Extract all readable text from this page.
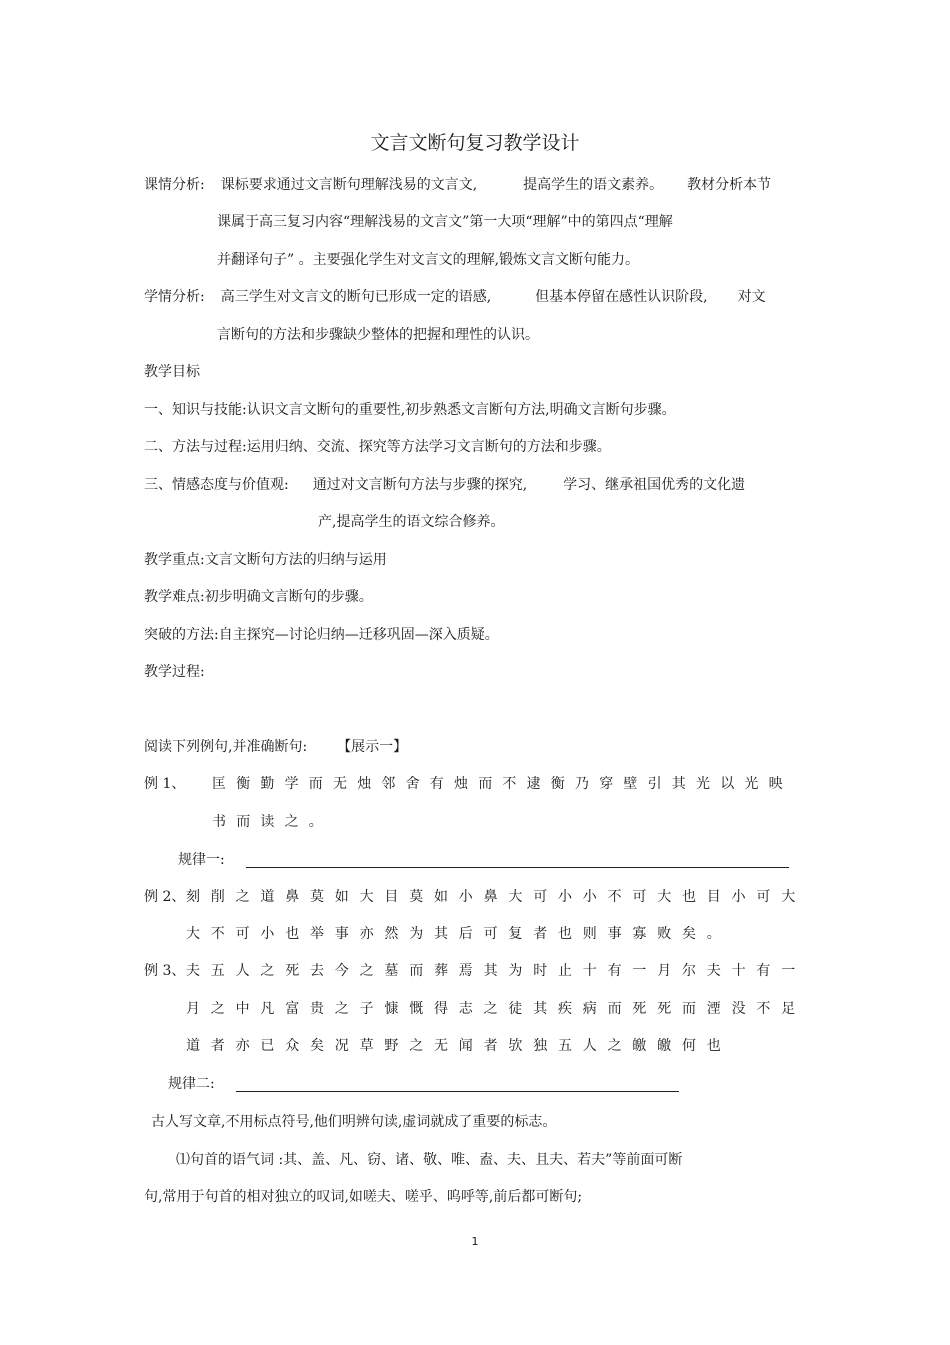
文言文断句复习教学设计
课情分析: 课标要求通过文言断句理解浅易的文言文,	提高学生的语文素养。 教材分析本节
课属于高三复习内容“理解浅易的文言文”第一大项“理解”中的第四点“理解
并翻译句子” 。主要强化学生对文言文的理解,锻炼文言文断句能力。
学情分析: 高三学生对文言文的断句已形成一定的语感,	但基本停留在感性认识阶段, 对文
言断句的方法和步骤缺少整体的把握和理性的认识。
教学目标
一、知识与技能:认识文言文断句的重要性,初步熟悉文言断句方法,明确文言断句步骤。
二、方法与过程:运用归纳、交流、探究等方法学习文言断句的方法和步骤。
三、情感态度与价值观: 通过对文言断句方法与步骤的探究,	学习、继承祖国优秀的文化遗
产,提高学生的语文综合修养。
教学重点:文言文断句方法的归纳与运用
教学难点:初步明确文言断句的步骤。
突破的方法:自主探究—讨论归纳—迁移巩固—深入质疑。
教学过程:
阅读下列例句,并准确断句: 【展示一】
例 1、 匡衡勤学而无烛邻舍有烛而不逮衡乃穿壁引其光以光映
书而读之。
规律一:
例 2、 刻削之道鼻莫如大目莫如小鼻大可小小不可大也目小可大
大不可小也举事亦然为其后可复者也则事寡败矣。
例 3、 夫五人之死去今之墓而葬焉其为时止十有一月尔夫十有一
月之中凡富贵之子慷慨得志之徒其疾病而死死而湮没不足
道者亦已众矣况草野之无闻者欤独五人之皦皦何也
规律二:
古人写文章,不用标点符号,他们明辨句读,虚词就成了重要的标志。
⑴句首的语气词 :其、盖、凡、窃、诸、敬、唯、盍、夫、且夫、若夫”等前面可断
句,常用于句首的相对独立的叹词,如嗟夫、嗟乎、呜呼等,前后都可断句;
1
